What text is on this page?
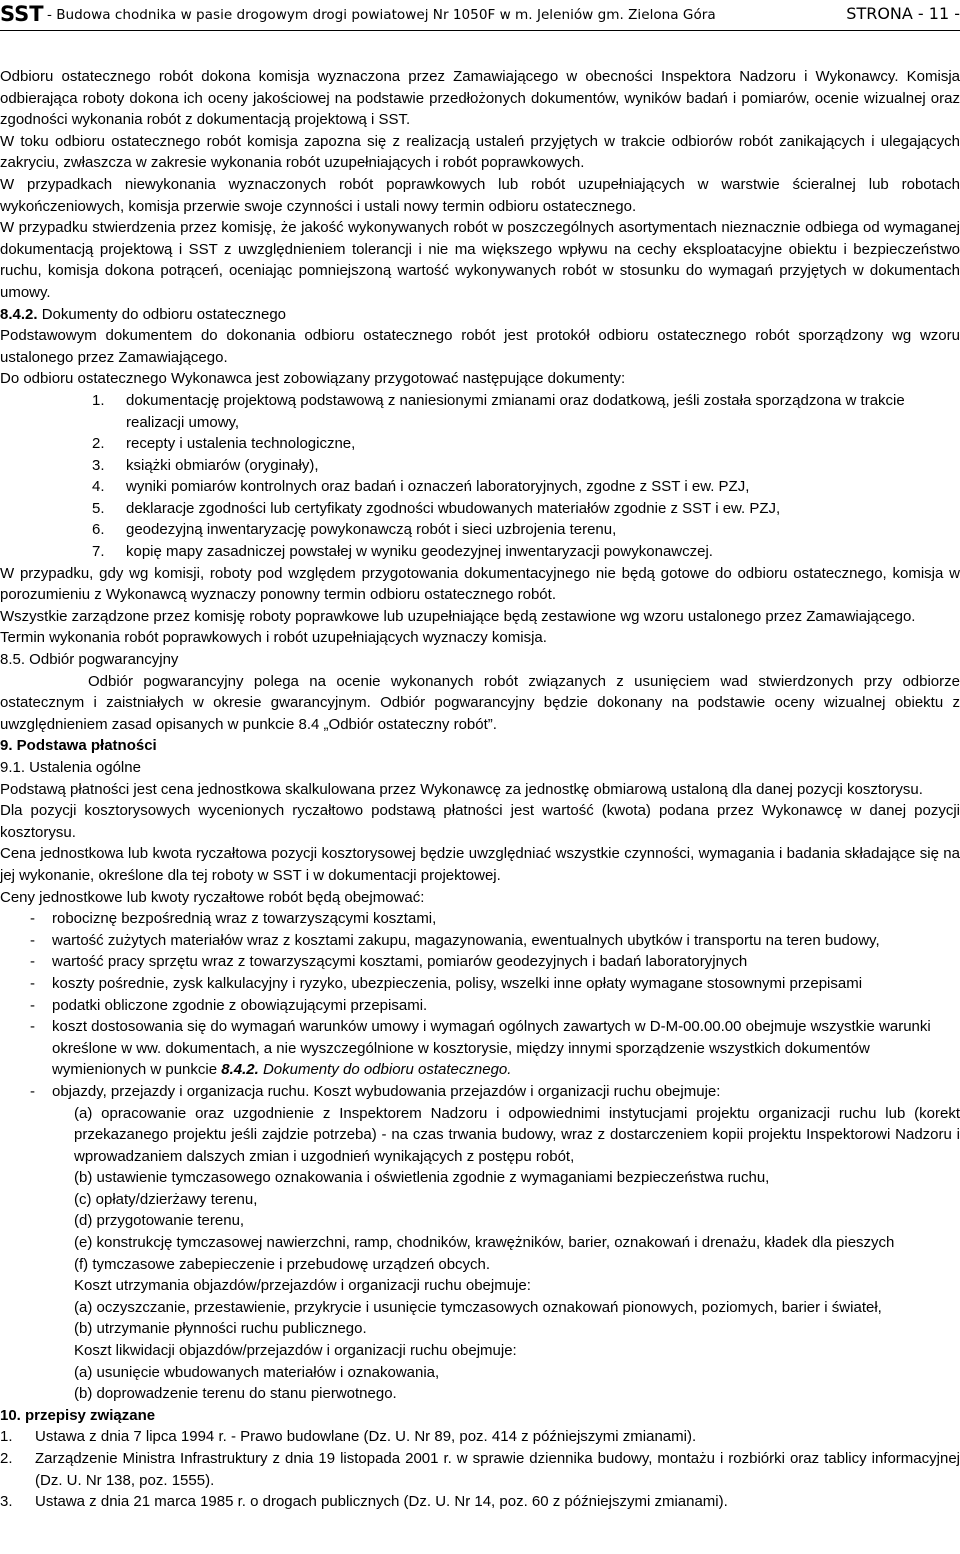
SST - Budowa chodnika w pasie drogowym drogi powiatowej Nr 1050F w m. Jeleniów gm. Zielona Góra	STRONA - 11 -

Odbioru ostatecznego robót dokona komisja wyznaczona przez Zamawiającego w obecności Inspektora Nadzoru i Wykonawcy. Komisja odbierająca roboty dokona ich oceny jakościowej na podstawie przedłożonych dokumentów, wyników badań i pomiarów, ocenie wizualnej oraz zgodności wykonania robót z dokumentacją projektową i SST.

W toku odbioru ostatecznego robót komisja zapozna się z realizacją ustaleń przyjętych w trakcie odbiorów robót zanikających i ulegających zakryciu, zwłaszcza w zakresie wykonania robót uzupełniających i robót poprawkowych.

W przypadkach niewykonania wyznaczonych robót poprawkowych lub robót uzupełniających w warstwie ścieralnej lub robotach wykończeniowych, komisja przerwie swoje czynności i ustali nowy termin odbioru ostatecznego.

W przypadku stwierdzenia przez komisję, że jakość wykonywanych robót w poszczególnych asortymentach nieznacznie odbiega od wymaganej dokumentacją projektową i SST z uwzględnieniem tolerancji i nie ma większego wpływu na cechy eksploatacyjne obiektu i bezpieczeństwo ruchu, komisja dokona potrąceń, oceniając pomniejszoną wartość wykonywanych robót w stosunku do wymagań przyjętych w dokumentach umowy.

8.4.2. Dokumenty do odbioru ostatecznego

Podstawowym dokumentem do dokonania odbioru ostatecznego robót jest protokół odbioru ostatecznego robót sporządzony wg wzoru ustalonego przez Zamawiającego.

Do odbioru ostatecznego Wykonawca jest zobowiązany przygotować następujące dokumenty:

1. dokumentację projektową podstawową z naniesionymi zmianami oraz dodatkową, jeśli została sporządzona w trakcie realizacji umowy,
2. recepty i ustalenia technologiczne,
3. książki obmiarów (oryginały),
4. wyniki pomiarów kontrolnych oraz badań i oznaczeń laboratoryjnych, zgodne z SST i ew. PZJ,
5. deklaracje zgodności lub certyfikaty zgodności wbudowanych materiałów zgodnie z SST i ew. PZJ,
6. geodezyjną inwentaryzację powykonawczą robót i sieci uzbrojenia terenu,
7. kopię mapy zasadniczej powstałej w wyniku geodezyjnej inwentaryzacji powykonawczej.

W przypadku, gdy wg komisji, roboty pod względem przygotowania dokumentacyjnego nie będą gotowe do odbioru ostatecznego, komisja w porozumieniu z Wykonawcą wyznaczy ponowny termin odbioru ostatecznego robót.

Wszystkie zarządzone przez komisję roboty poprawkowe lub uzupełniające będą zestawione wg wzoru ustalonego przez Zamawiającego.

Termin wykonania robót poprawkowych i robót uzupełniających wyznaczy komisja.

8.5. Odbiór pogwarancyjny

Odbiór pogwarancyjny polega na ocenie wykonanych robót związanych z usunięciem wad stwierdzonych przy odbiorze ostatecznym i zaistniałych w okresie gwarancyjnym. Odbiór pogwarancyjny będzie dokonany na podstawie oceny wizualnej obiektu z uwzględnieniem zasad opisanych w punkcie 8.4 „Odbiór ostateczny robót”.

9. Podstawa płatności

9.1. Ustalenia ogólne

Podstawą płatności jest cena jednostkowa skalkulowana przez Wykonawcę za jednostkę obmiarową ustaloną dla danej pozycji kosztorysu.

Dla pozycji kosztorysowych wycenionych ryczałtowo podstawą płatności jest wartość (kwota) podana przez Wykonawcę w danej pozycji kosztorysu.

Cena jednostkowa lub kwota ryczałtowa pozycji kosztorysowej będzie uwzględniać wszystkie czynności, wymagania i badania składające się na jej wykonanie, określone dla tej roboty w SST i w dokumentacji projektowej.

Ceny jednostkowe lub kwoty ryczałtowe robót będą obejmować:

- robociznę bezpośrednią wraz z towarzyszącymi kosztami,
- wartość zużytych materiałów wraz z kosztami zakupu, magazynowania, ewentualnych ubytków i transportu na teren budowy,
- wartość pracy sprzętu wraz z towarzyszącymi kosztami, pomiarów geodezyjnych i badań laboratoryjnych
- koszty pośrednie, zysk kalkulacyjny i ryzyko, ubezpieczenia, polisy, wszelki inne opłaty wymagane stosownymi przepisami
- podatki obliczone zgodnie z obowiązującymi przepisami.
- koszt dostosowania się do wymagań warunków umowy i wymagań ogólnych zawartych w D-M-00.00.00 obejmuje wszystkie warunki określone w ww. dokumentach, a nie wyszczególnione w kosztorysie, między innymi sporządzenie wszystkich dokumentów wymienionych w punkcie 8.4.2. Dokumenty do odbioru ostatecznego.
- objazdy, przejazdy i organizacja ruchu. Koszt wybudowania przejazdów i organizacji ruchu obejmuje:

(a) opracowanie oraz uzgodnienie z Inspektorem Nadzoru i odpowiednimi instytucjami projektu organizacji ruchu lub (korekt przekazanego projektu jeśli zajdzie potrzeba) - na czas trwania budowy, wraz z dostarczeniem kopii projektu Inspektorowi Nadzoru i wprowadzaniem dalszych zmian i uzgodnień wynikających z postępu robót,

(b) ustawienie tymczasowego oznakowania i oświetlenia zgodnie z wymaganiami bezpieczeństwa ruchu,

(c) opłaty/dzierżawy terenu,

(d) przygotowanie terenu,

(e) konstrukcję tymczasowej nawierzchni, ramp, chodników, krawężników, barier, oznakowań i drenażu, kładek dla pieszych

(f) tymczasowe zabepieczenie i przebudowę urządzeń obcych.

Koszt utrzymania objazdów/przejazdów i organizacji ruchu obejmuje:

(a) oczyszczanie, przestawienie, przykrycie i usunięcie tymczasowych oznakowań pionowych, poziomych, barier i świateł,

(b) utrzymanie płynności ruchu publicznego.

Koszt likwidacji objazdów/przejazdów i organizacji ruchu obejmuje:

(a) usunięcie wbudowanych materiałów i oznakowania,

(b) doprowadzenie terenu do stanu pierwotnego.

10. przepisy związane

1. Ustawa z dnia 7 lipca 1994 r. - Prawo budowlane (Dz. U. Nr 89, poz. 414 z późniejszymi zmianami).
2. Zarządzenie Ministra Infrastruktury z dnia 19 listopada 2001 r. w sprawie dziennika budowy, montażu i rozbiórki oraz tablicy informacyjnej (Dz. U. Nr 138, poz. 1555).
3. Ustawa z dnia 21 marca 1985 r. o drogach publicznych (Dz. U. Nr 14, poz. 60 z późniejszymi zmianami).
